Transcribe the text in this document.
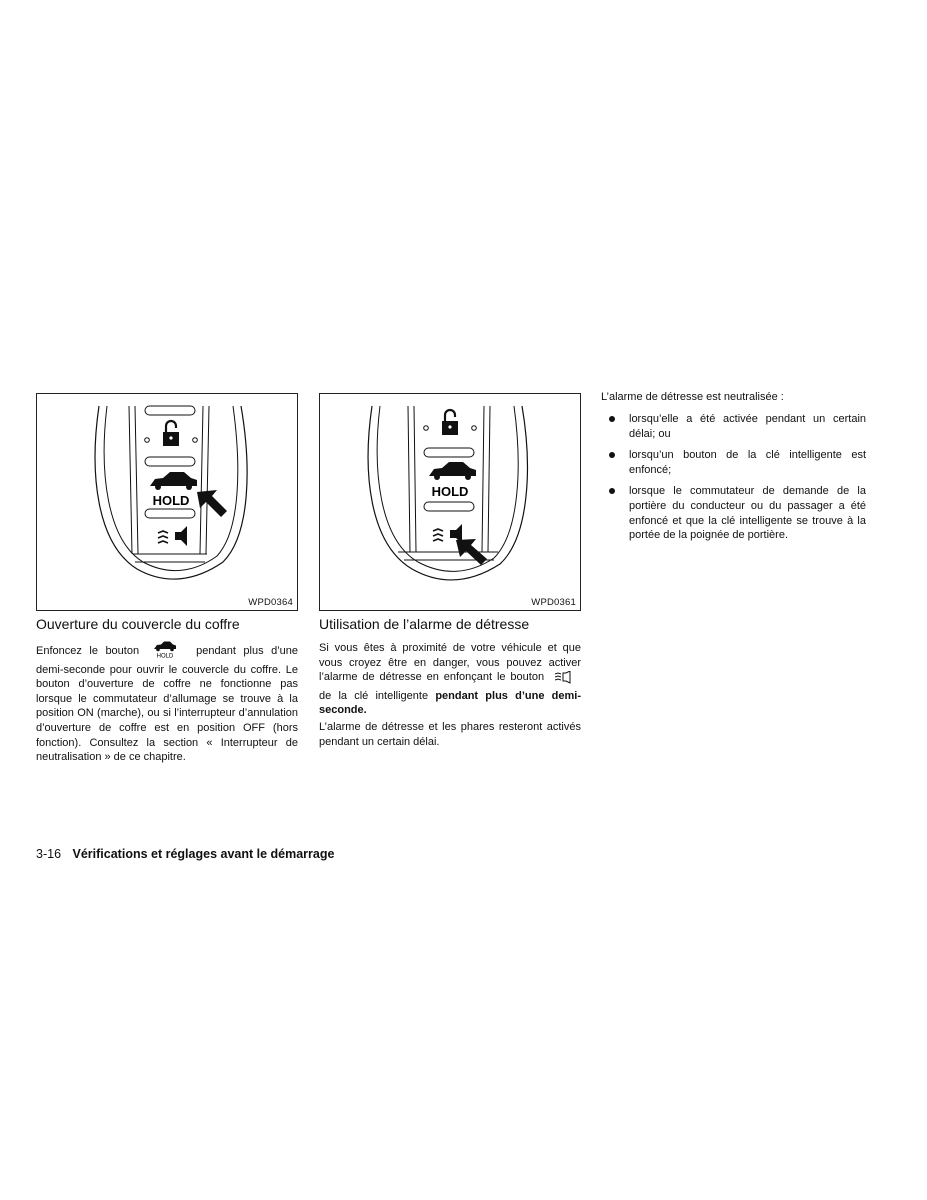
HOLD
WPD0364
Ouverture du couvercle du coffre

Enfoncez le bouton	HOLD pendant plus d’une demi-seconde pour ouvrir le couvercle du coffre. Le bouton d’ouverture de coffre ne fonctionne pas lorsque le commutateur d’allumage se trouve à la position ON (marche), ou si l’interrupteur d’annulation d’ouverture de coffre est en position OFF (hors fonction). Consultez la section « Interrupteur de neutralisation » de ce chapitre.

HOLD
WPD0361
Utilisation de l’alarme de détresse

Si vous êtes à proximité de votre véhicule et que vous croyez être en danger, vous pouvez activer l’alarme de détresse en enfonçant le bouton  de la clé intelligente pendant plus d’une demi-seconde.

L’alarme de détresse et les phares resteront activés pendant un certain délai.

L’alarme de détresse est neutralisée :

lorsqu’elle a été activée pendant un certain délai; ou
lorsqu’un bouton de la clé intelligente est enfoncé;
lorsque le commutateur de demande de la portière du conducteur ou du passager a été enfoncé et que la clé intelligente se trouve à la portée de la poignée de portière.
3-16 Vérifications et réglages avant le démarrage
